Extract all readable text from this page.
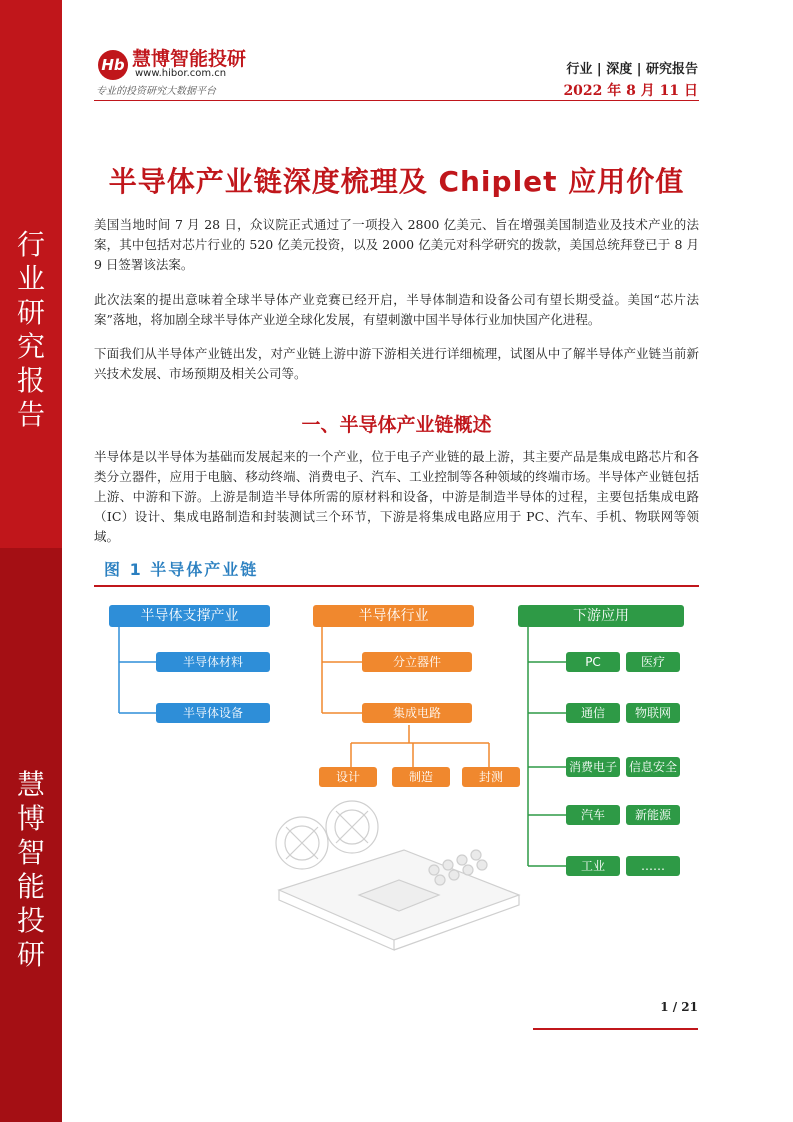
行
业
研
究
报
告
慧
博
智
能
投
研
Hb 慧博智能投研
www.hibor.com.cn
专业的投资研究大数据平台
行业 | 深度 | 研究报告
2022 年 8 月 11 日
半导体产业链深度梳理及 Chiplet 应用价值

美国当地时间 7 月 28 日，众议院正式通过了一项投入 2800 亿美元、旨在增强美国制造业及技术产业的法案，其中包括对芯片行业的 520 亿美元投资，以及 2000 亿美元对科学研究的拨款，美国总统拜登已于 8 月 9 日签署该法案。

此次法案的提出意味着全球半导体产业竞赛已经开启，半导体制造和设备公司有望长期受益。美国“芯片法案”落地，将加剧全球半导体产业逆全球化发展，有望刺激中国半导体行业加快国产化进程。

下面我们从半导体产业链出发，对产业链上游中游下游相关进行详细梳理，试图从中了解半导体产业链当前新兴技术发展、市场预期及相关公司等。

一、半导体产业链概述

半导体是以半导体为基础而发展起来的一个产业，位于电子产业链的最上游，其主要产品是集成电路芯片和各类分立器件，应用于电脑、移动终端、消费电子、汽车、工业控制等各种领域的终端市场。半导体产业链包括上游、中游和下游。上游是制造半导体所需的原材料和设备，中游是制造半导体的过程，主要包括集成电路（IC）设计、集成电路制造和封装测试三个环节，下游是将集成电路应用于 PC、汽车、手机、物联网等领域。

图 1 半导体产业链
半导体支撑产业
半导体材料
半导体设备
半导体行业
分立器件
集成电路
设计	制造	封测
下游应用
PC	医疗
通信	物联网
消费电子 信息安全
汽车	新能源
工业	……
1 / 21
